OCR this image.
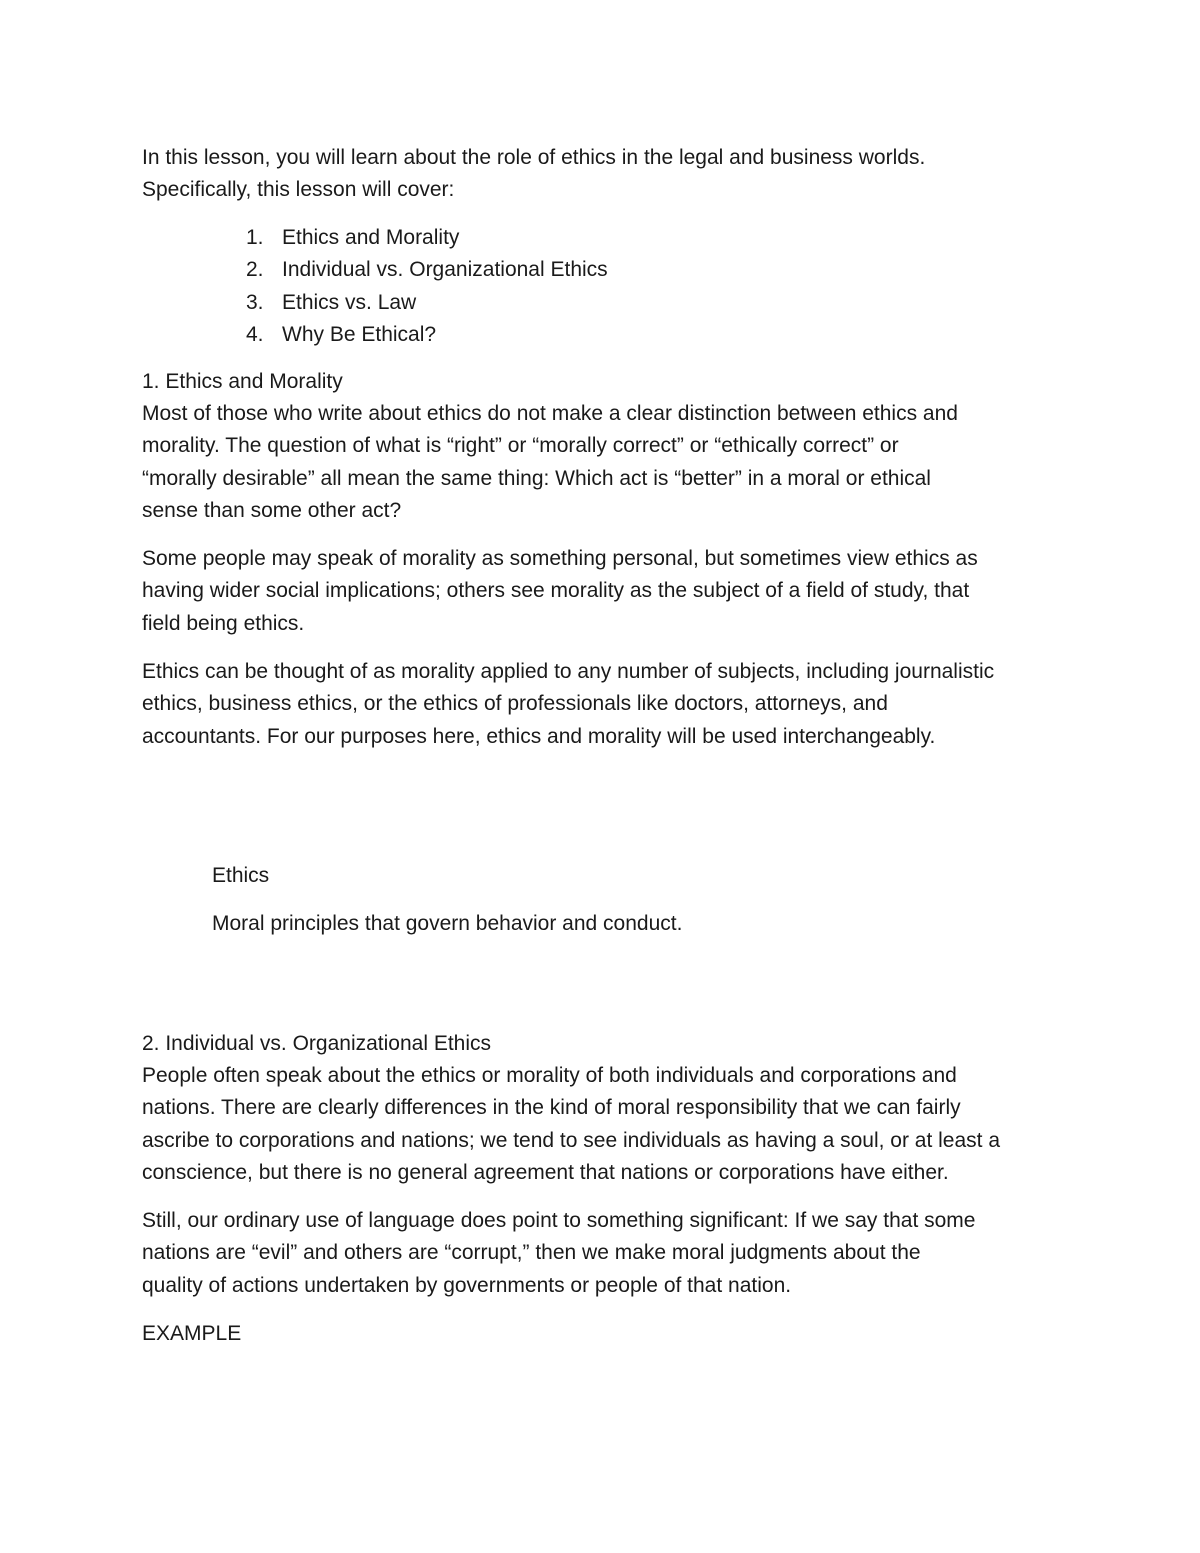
In this lesson, you will learn about the role of ethics in the legal and business worlds.
Specifically, this lesson will cover:

1. Ethics and Morality
2. Individual vs. Organizational Ethics
3. Ethics vs. Law
4. Why Be Ethical?

1. Ethics and Morality

Most of those who write about ethics do not make a clear distinction between ethics and
morality. The question of what is “right” or “morally correct” or “ethically correct” or
“morally desirable” all mean the same thing: Which act is “better” in a moral or ethical
sense than some other act?

Some people may speak of morality as something personal, but sometimes view ethics as
having wider social implications; others see morality as the subject of a field of study, that
field being ethics.

Ethics can be thought of as morality applied to any number of subjects, including journalistic
ethics, business ethics, or the ethics of professionals like doctors, attorneys, and
accountants. For our purposes here, ethics and morality will be used interchangeably.

Ethics

Moral principles that govern behavior and conduct.

2. Individual vs. Organizational Ethics

People often speak about the ethics or morality of both individuals and corporations and
nations. There are clearly differences in the kind of moral responsibility that we can fairly
ascribe to corporations and nations; we tend to see individuals as having a soul, or at least a
conscience, but there is no general agreement that nations or corporations have either.

Still, our ordinary use of language does point to something significant: If we say that some
nations are “evil” and others are “corrupt,” then we make moral judgments about the
quality of actions undertaken by governments or people of that nation.

EXAMPLE
